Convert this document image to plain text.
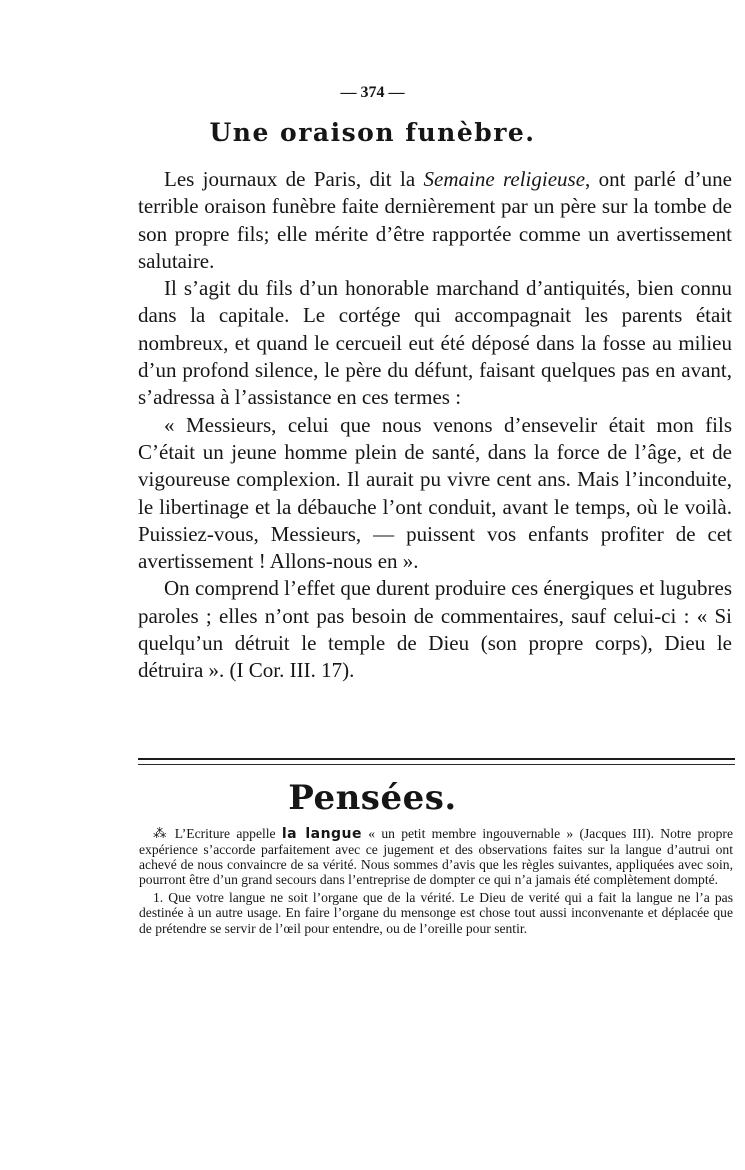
— 374 —
Une oraison funèbre.

Les journaux de Paris, dit la Semaine religieuse, ont parlé d’une terrible oraison funèbre faite dernièrement par un père sur la tombe de son propre fils; elle mérite d’être rapportée comme un avertissement salutaire.

Il s’agit du fils d’un honorable marchand d’antiquités, bien connu dans la capitale. Le cortége qui accompagnait les parents était nombreux, et quand le cercueil eut été déposé dans la fosse au milieu d’un profond silence, le père du défunt, faisant quelques pas en avant, s’adressa à l’assistance en ces termes :

« Messieurs, celui que nous venons d’ensevelir était mon fils C’était un jeune homme plein de santé, dans la force de l’âge, et de vigoureuse complexion. Il aurait pu vivre cent ans. Mais l’inconduite, le libertinage et la débauche l’ont conduit, avant le temps, où le voilà. Puissiez-vous, Messieurs, — puissent vos enfants profiter de cet avertissement ! Allons-nous en ».

On comprend l’effet que durent produire ces énergiques et lugubres paroles ; elles n’ont pas besoin de commentaires, sauf celui-ci : « Si quelqu’un détruit le temple de Dieu (son propre corps), Dieu le détruira ». (I Cor. III. 17).

Pensées.

⁂ L’Ecriture appelle la langue « un petit membre ingouvernable » (Jacques III). Notre propre expérience s’accorde parfaitement avec ce jugement et des observations faites sur la langue d’autrui ont achevé de nous convaincre de sa vérité. Nous sommes d’avis que les règles suivantes, appliquées avec soin, pourront être d’un grand secours dans l’entreprise de dompter ce qui n’a jamais été complètement dompté.

1. Que votre langue ne soit l’organe que de la vérité. Le Dieu de verité qui a fait la langue ne l’a pas destinée à un autre usage. En faire l’organe du mensonge est chose tout aussi inconvenante et déplacée que de prétendre se servir de l’œil pour entendre, ou de l’oreille pour sentir.
